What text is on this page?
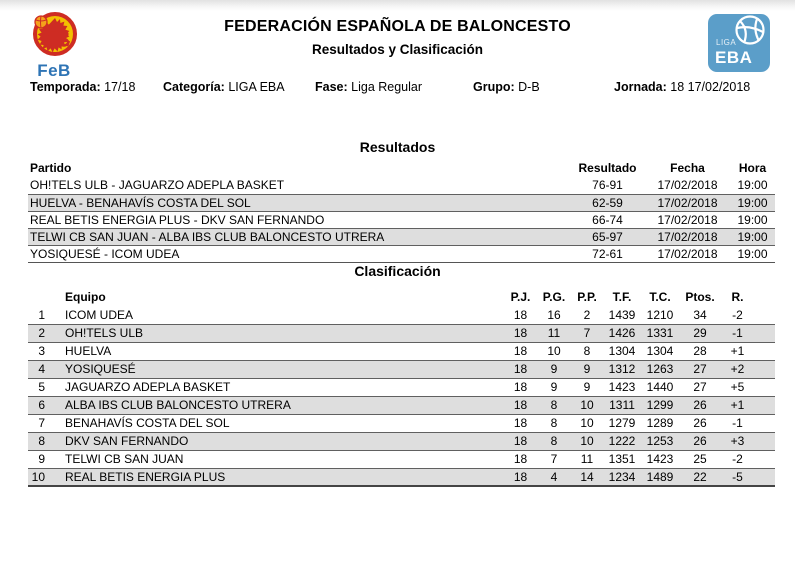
FeB
FEDERACIÓN ESPAÑOLA DE BALONCESTO
Resultados y Clasificación	LIGA
EBA
Temporada: 17/18 Categoría: LIGA EBA Fase: Liga Regular	Grupo: D-B	Jornada: 18 17/02/2018
Resultados
Partido	Resultado	Fecha	Hora
OH!TELS ULB - JAGUARZO ADEPLA BASKET	76-91	17/02/2018	19:00
HUELVA - BENAHAVÍS COSTA DEL SOL	62-59	17/02/2018	19:00
REAL BETIS ENERGIA PLUS - DKV SAN FERNANDO	66-74	17/02/2018	19:00
TELWI CB SAN JUAN - ALBA IBS CLUB BALONCESTO UTRERA	65-97	17/02/2018	19:00
YOSIQUESÉ - ICOM UDEA	72-61	17/02/2018	19:00
Clasificación
	Equipo	P.J.	P.G.	P.P.	T.F.	T.C.	Ptos.	R.
1	ICOM UDEA	18	16	2	1439	1210	34	-2
2	OH!TELS ULB	18	11	7	1426	1331	29	-1
3	HUELVA	18	10	8	1304	1304	28	+1
4	YOSIQUESÉ	18	9	9	1312	1263	27	+2
5	JAGUARZO ADEPLA BASKET	18	9	9	1423	1440	27	+5
6	ALBA IBS CLUB BALONCESTO UTRERA	18	8	10	1311	1299	26	+1
7	BENAHAVÍS COSTA DEL SOL	18	8	10	1279	1289	26	-1
8	DKV SAN FERNANDO	18	8	10	1222	1253	26	+3
9	TELWI CB SAN JUAN	18	7	11	1351	1423	25	-2
10	REAL BETIS ENERGIA PLUS	18	4	14	1234	1489	22	-5
